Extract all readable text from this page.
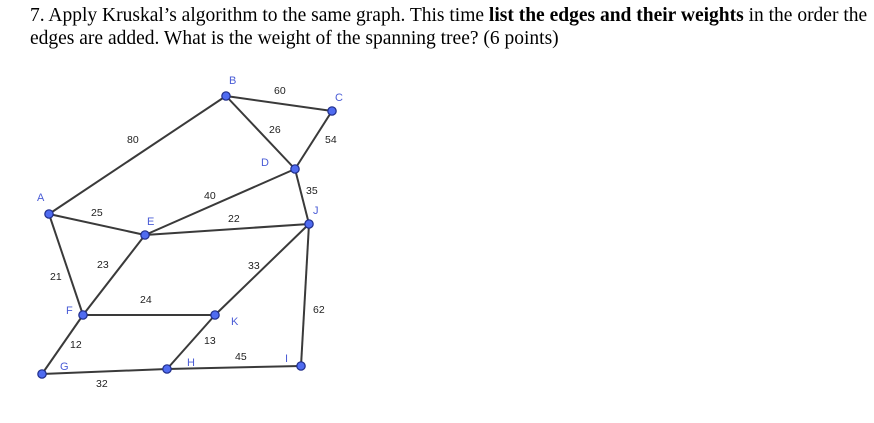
7. Apply Kruskal’s algorithm to the same graph. This time list the edges and their weights in the order the edges are added. What is the weight of the spanning tree? (6 points)
80
60
26
54
40	35
25	22
21
23	33
24
62
12	13
32
45
A
B
C
D
E
F
G	H	I
J
K
